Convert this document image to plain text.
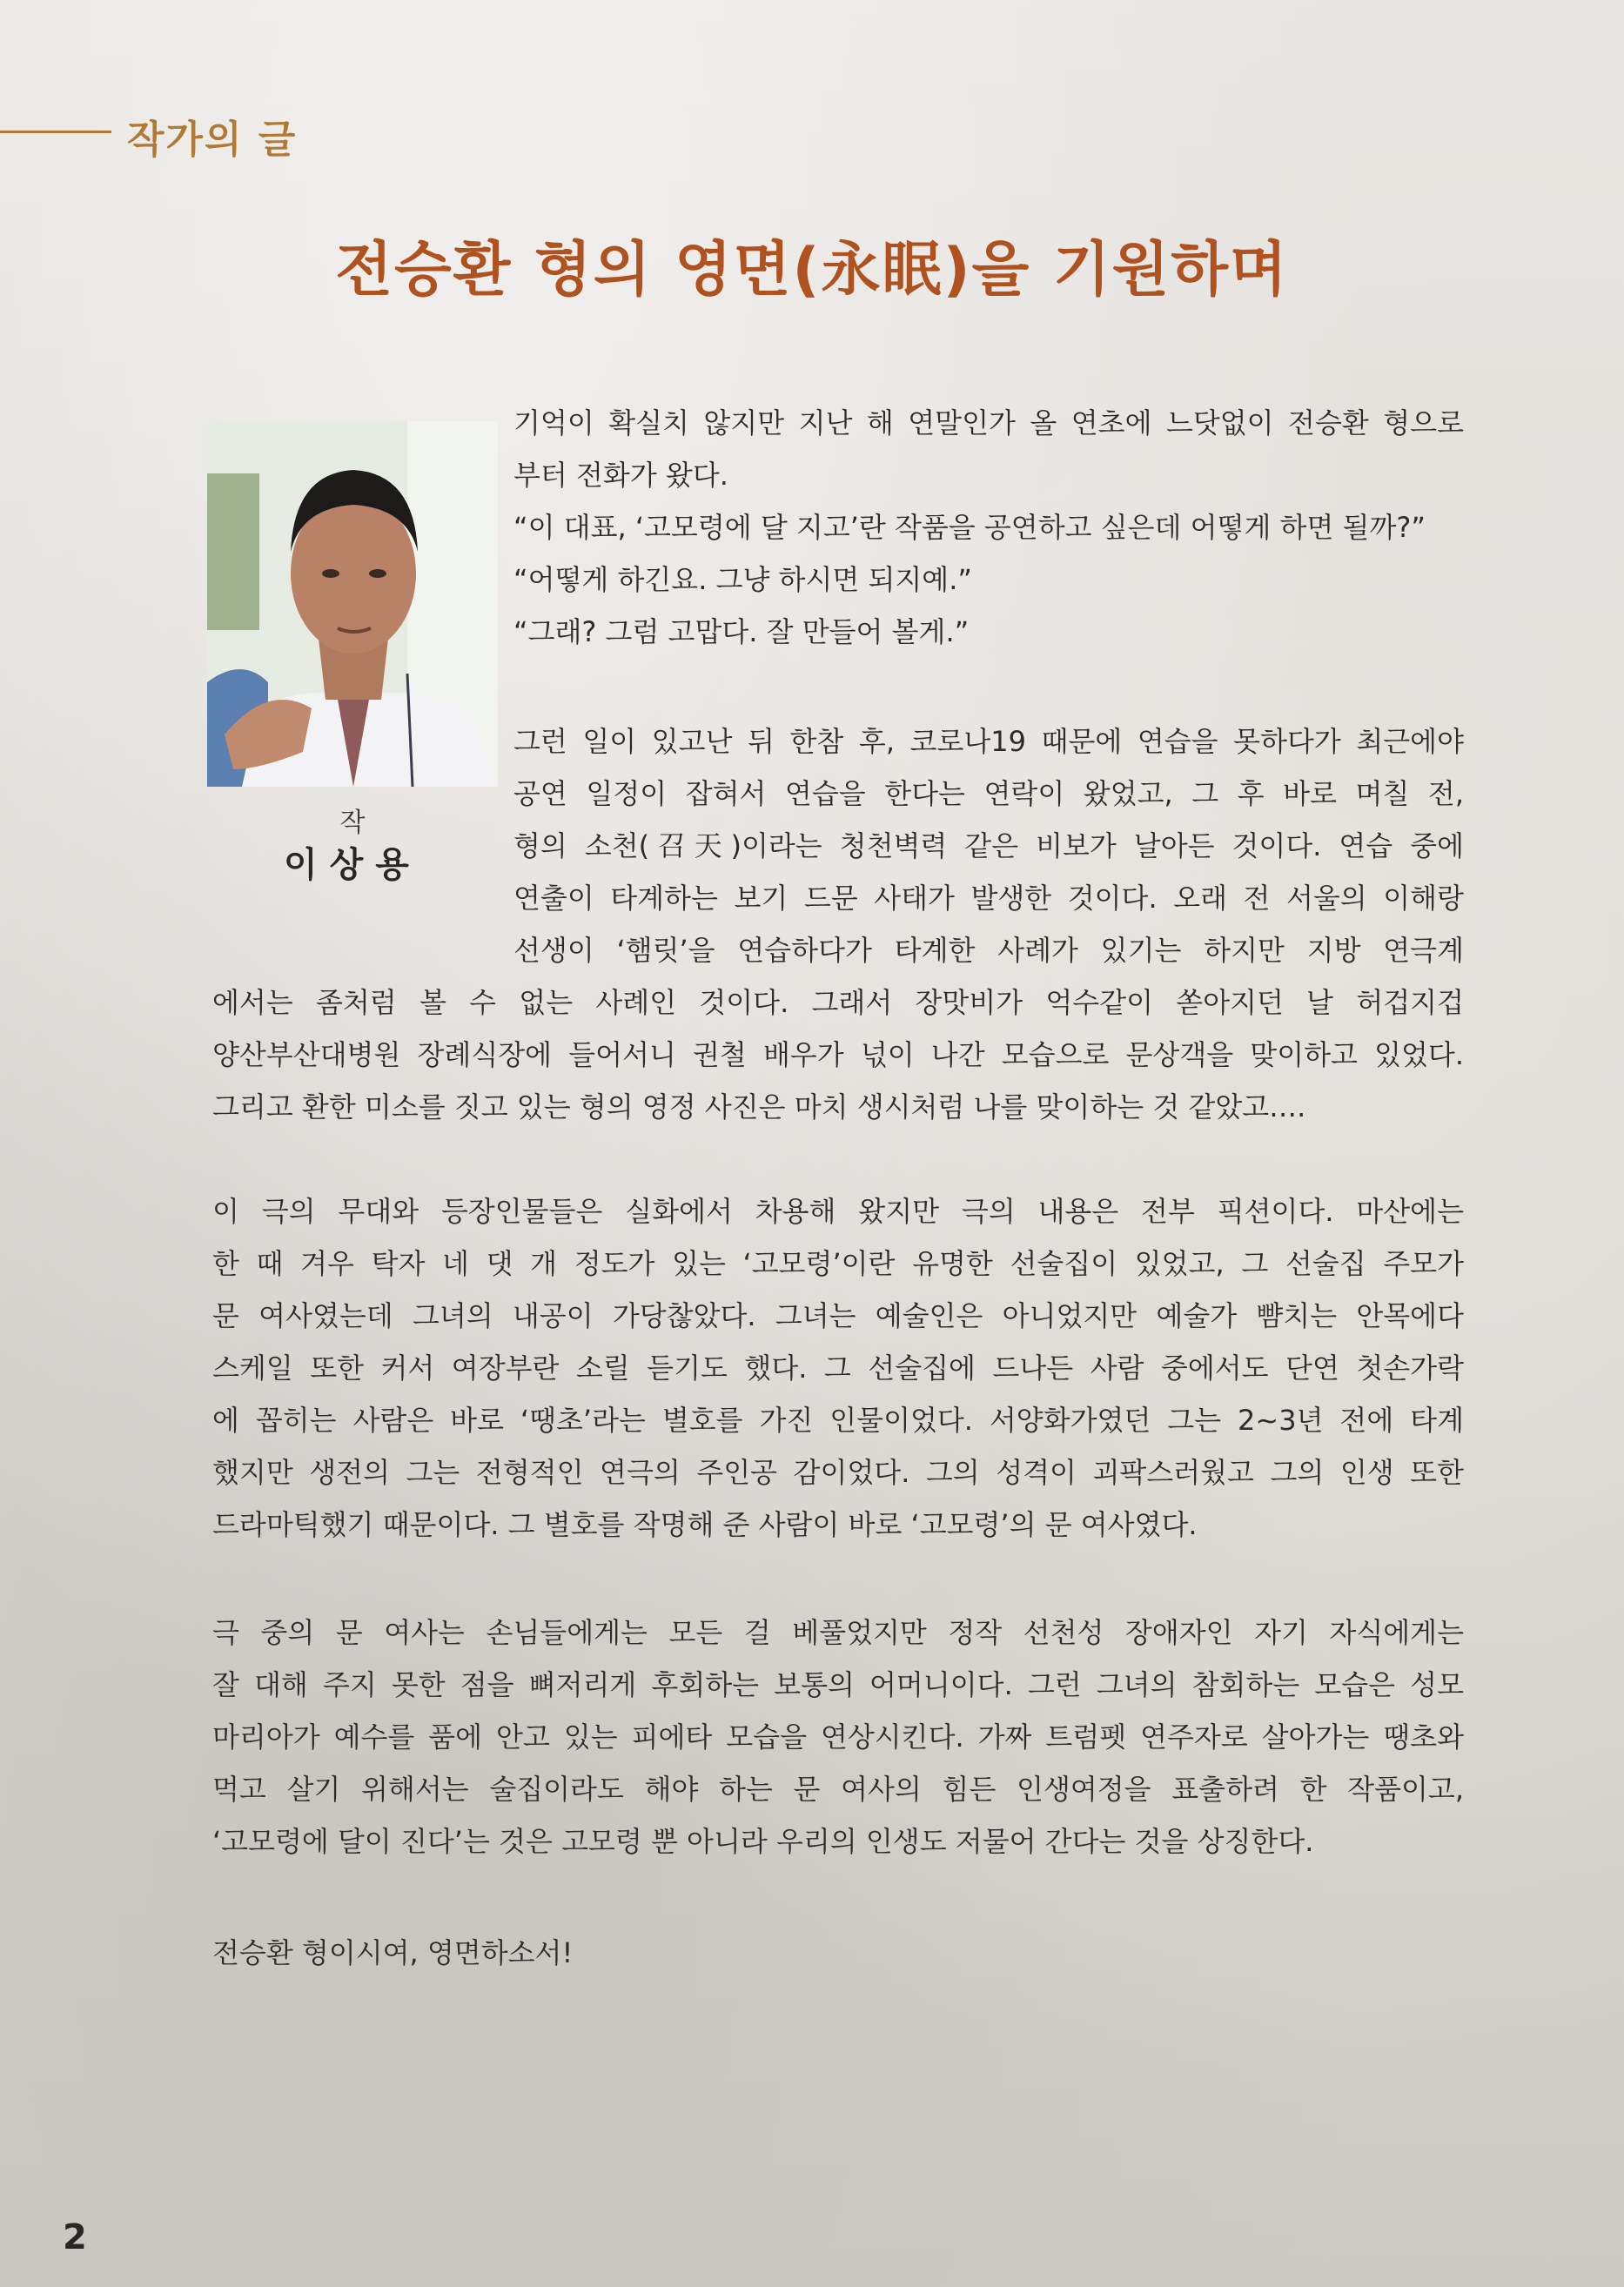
작가의 글
전승환 형의 영면(永眠)을 기원하며
작
이상용
기억이 확실치 않지만 지난 해 연말인가 올 연초에 느닷없이 전승환 형으로
부터 전화가 왔다.
“이 대표, ‘고모령에 달 지고’란 작품을 공연하고 싶은데 어떻게 하면 될까?”
“어떻게 하긴요. 그냥 하시면 되지예.”
“그래? 그럼 고맙다. 잘 만들어 볼게.”
그런 일이 있고난 뒤 한참 후, 코로나19 때문에 연습을 못하다가 최근에야
공연 일정이 잡혀서 연습을 한다는 연락이 왔었고, 그 후 바로 며칠 전,
형의 소천(召天)이라는 청천벽력 같은 비보가 날아든 것이다. 연습 중에
연출이 타계하는 보기 드문 사태가 발생한 것이다. 오래 전 서울의 이해랑
선생이 ‘햄릿’을 연습하다가 타계한 사례가 있기는 하지만 지방 연극계
에서는 좀처럼 볼 수 없는 사례인 것이다. 그래서 장맛비가 억수같이 쏟아지던 날 허겁지겁
양산부산대병원 장례식장에 들어서니 권철 배우가 넋이 나간 모습으로 문상객을 맞이하고 있었다.
그리고 환한 미소를 짓고 있는 형의 영정 사진은 마치 생시처럼 나를 맞이하는 것 같았고….
이 극의 무대와 등장인물들은 실화에서 차용해 왔지만 극의 내용은 전부 픽션이다. 마산에는
한 때 겨우 탁자 네 댓 개 정도가 있는 ‘고모령’이란 유명한 선술집이 있었고, 그 선술집 주모가
문 여사였는데 그녀의 내공이 가당찮았다. 그녀는 예술인은 아니었지만 예술가 뺨치는 안목에다
스케일 또한 커서 여장부란 소릴 듣기도 했다. 그 선술집에 드나든 사람 중에서도 단연 첫손가락
에 꼽히는 사람은 바로 ‘땡초’라는 별호를 가진 인물이었다. 서양화가였던 그는 2~3년 전에 타계
했지만 생전의 그는 전형적인 연극의 주인공 감이었다. 그의 성격이 괴팍스러웠고 그의 인생 또한
드라마틱했기 때문이다. 그 별호를 작명해 준 사람이 바로 ‘고모령’의 문 여사였다.
극 중의 문 여사는 손님들에게는 모든 걸 베풀었지만 정작 선천성 장애자인 자기 자식에게는
잘 대해 주지 못한 점을 뼈저리게 후회하는 보통의 어머니이다. 그런 그녀의 참회하는 모습은 성모
마리아가 예수를 품에 안고 있는 피에타 모습을 연상시킨다. 가짜 트럼펫 연주자로 살아가는 땡초와
먹고 살기 위해서는 술집이라도 해야 하는 문 여사의 힘든 인생여정을 표출하려 한 작품이고,
‘고모령에 달이 진다’는 것은 고모령 뿐 아니라 우리의 인생도 저물어 간다는 것을 상징한다.
전승환 형이시여, 영면하소서!
2
